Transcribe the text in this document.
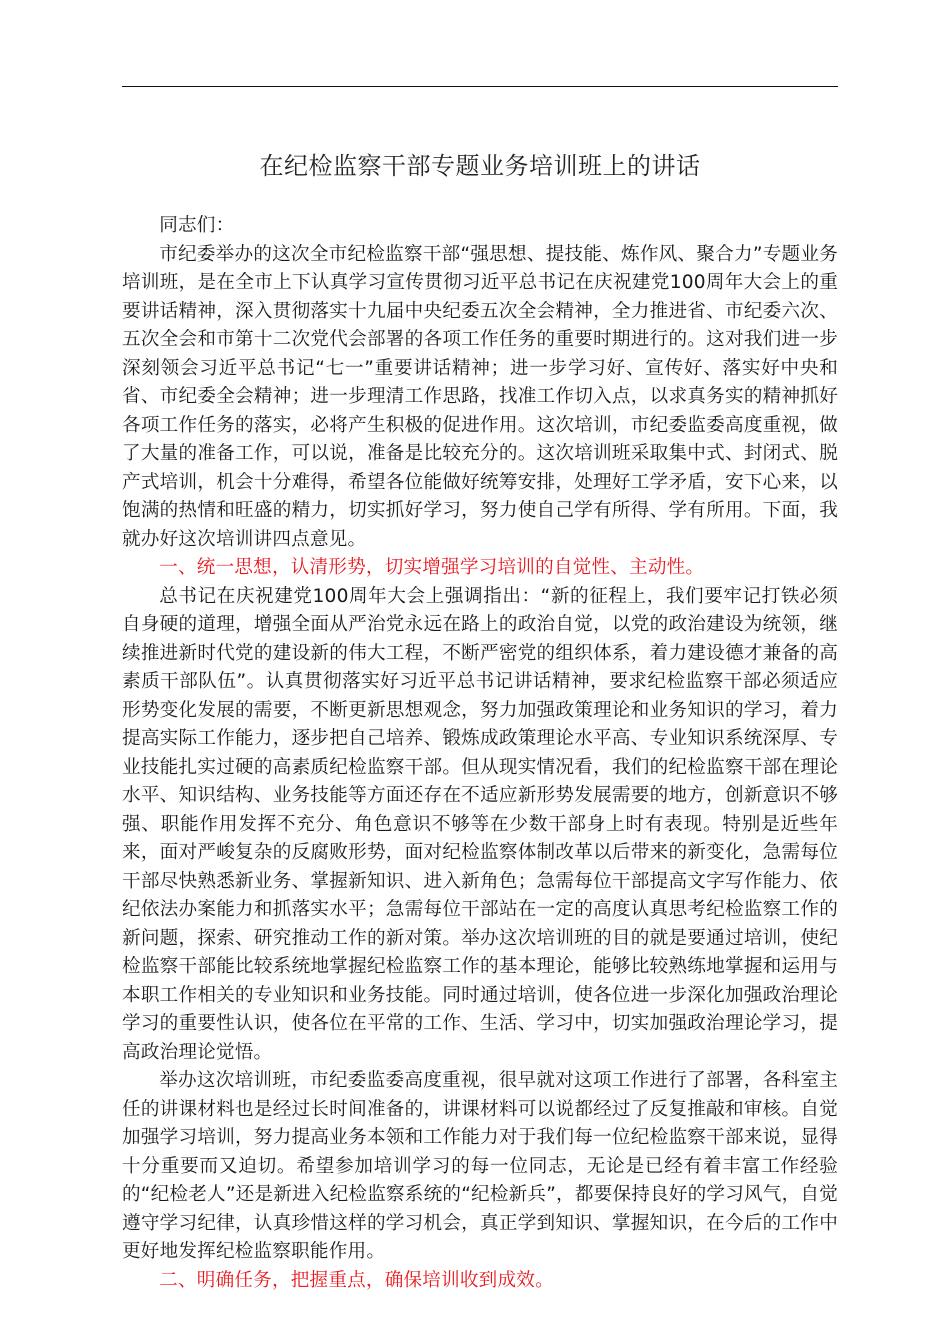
在纪检监察干部专题业务培训班上的讲话

同志们：

市纪委举办的这次全市纪检监察干部“强思想、提技能、炼作风、聚合力”专题业务培训班，是在全市上下认真学习宣传贯彻习近平总书记在庆祝建党100周年大会上的重要讲话精神，深入贯彻落实十九届中央纪委五次全会精神，全力推进省、市纪委六次、五次全会和市第十二次党代会部署的各项工作任务的重要时期进行的。这对我们进一步深刻领会习近平总书记“七一”重要讲话精神；进一步学习好、宣传好、落实好中央和省、市纪委全会精神；进一步理清工作思路，找准工作切入点，以求真务实的精神抓好各项工作任务的落实，必将产生积极的促进作用。这次培训，市纪委监委高度重视，做了大量的准备工作，可以说，准备是比较充分的。这次培训班采取集中式、封闭式、脱产式培训，机会十分难得，希望各位能做好统筹安排，处理好工学矛盾，安下心来，以饱满的热情和旺盛的精力，切实抓好学习，努力使自己学有所得、学有所用。下面，我就办好这次培训讲四点意见。

一、统一思想，认清形势，切实增强学习培训的自觉性、主动性。

总书记在庆祝建党100周年大会上强调指出：“新的征程上，我们要牢记打铁必须自身硬的道理，增强全面从严治党永远在路上的政治自觉，以党的政治建设为统领，继续推进新时代党的建设新的伟大工程，不断严密党的组织体系，着力建设德才兼备的高素质干部队伍”。认真贯彻落实好习近平总书记讲话精神，要求纪检监察干部必须适应形势变化发展的需要，不断更新思想观念，努力加强政策理论和业务知识的学习，着力提高实际工作能力，逐步把自己培养、锻炼成政策理论水平高、专业知识系统深厚、专业技能扎实过硬的高素质纪检监察干部。但从现实情况看，我们的纪检监察干部在理论水平、知识结构、业务技能等方面还存在不适应新形势发展需要的地方，创新意识不够强、职能作用发挥不充分、角色意识不够等在少数干部身上时有表现。特别是近些年来，面对严峻复杂的反腐败形势，面对纪检监察体制改革以后带来的新变化，急需每位干部尽快熟悉新业务、掌握新知识、进入新角色；急需每位干部提高文字写作能力、依纪依法办案能力和抓落实水平；急需每位干部站在一定的高度认真思考纪检监察工作的新问题，探索、研究推动工作的新对策。举办这次培训班的目的就是要通过培训，使纪检监察干部能比较系统地掌握纪检监察工作的基本理论，能够比较熟练地掌握和运用与本职工作相关的专业知识和业务技能。同时通过培训，使各位进一步深化加强政治理论学习的重要性认识，使各位在平常的工作、生活、学习中，切实加强政治理论学习，提高政治理论觉悟。

举办这次培训班，市纪委监委高度重视，很早就对这项工作进行了部署，各科室主任的讲课材料也是经过长时间准备的，讲课材料可以说都经过了反复推敲和审核。自觉加强学习培训，努力提高业务本领和工作能力对于我们每一位纪检监察干部来说，显得十分重要而又迫切。希望参加培训学习的每一位同志，无论是已经有着丰富工作经验的“纪检老人”还是新进入纪检监察系统的“纪检新兵”，都要保持良好的学习风气，自觉遵守学习纪律，认真珍惜这样的学习机会，真正学到知识、掌握知识，在今后的工作中更好地发挥纪检监察职能作用。

二、明确任务，把握重点，确保培训收到成效。
